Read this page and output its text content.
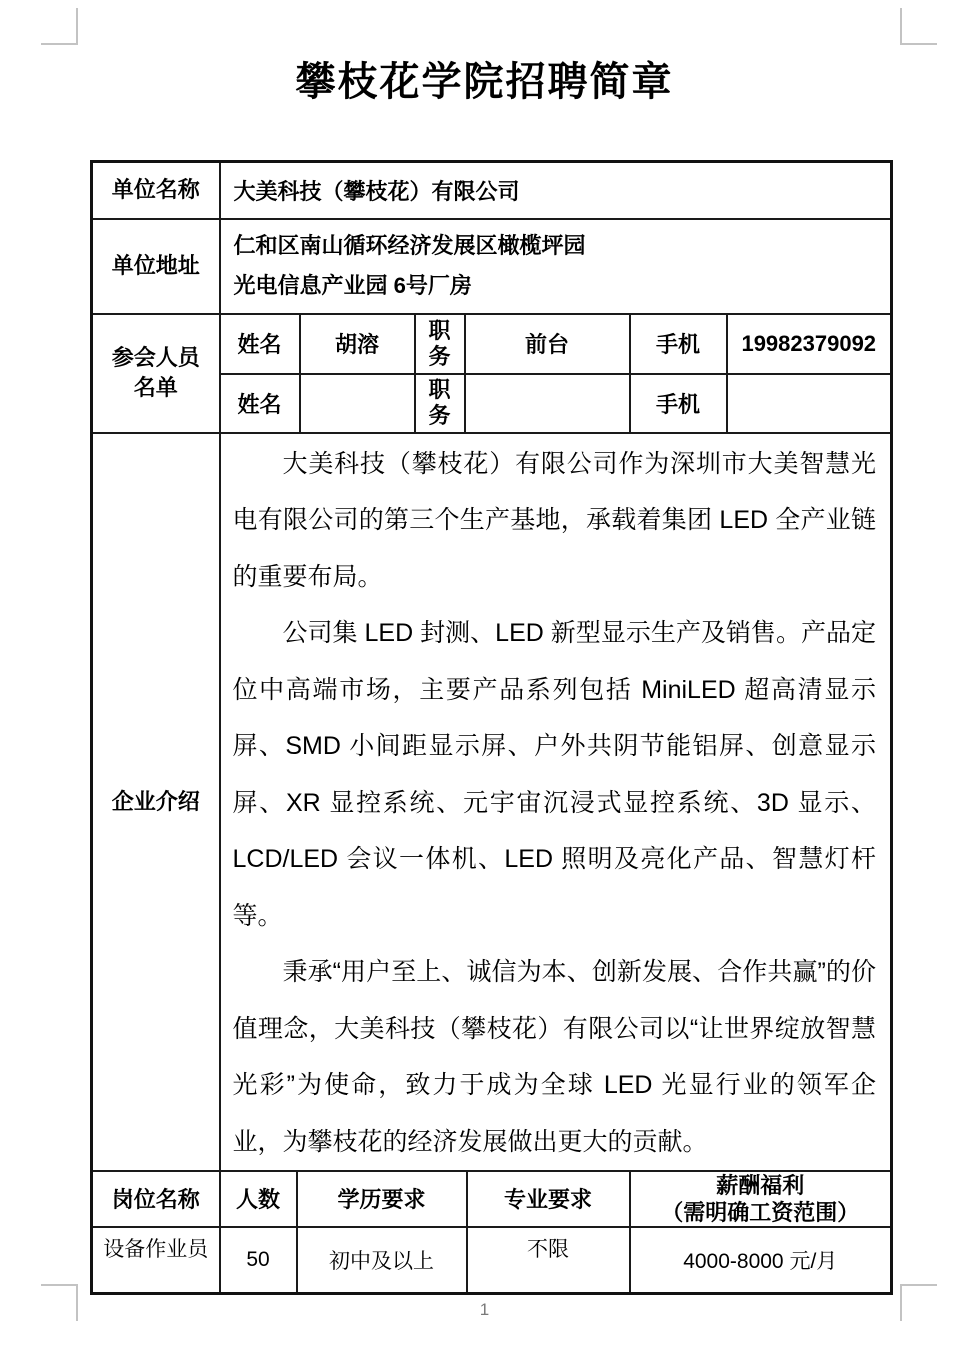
攀枝花学院招聘简章
单位名称	大美科技（攀枝花）有限公司					
单位地址	仁和区南山循环经济发展区橄榄坪园
光电信息产业园 6号厂房					

参会人员
名单	姓名	胡溶	职务	前台	手机	19982379092
	姓名		职务		手机	
企业介绍	大美科技（攀枝花）有限公司作为深圳市大美智慧光电有限公司的第三个生产基地，承载着集团 LED 全产业链的重要布局。

公司集 LED 封测、LED 新型显示生产及销售。产品定位中高端市场，主要产品系列包括 MiniLED 超高清显示屏、SMD 小间距显示屏、户外共阴节能铝屏、创意显示屏、XR 显控系统、元宇宙沉浸式显控系统、3D 显示、LCD/LED 会议一体机、LED 照明及亮化产品、智慧灯杆等。

秉承“用户至上、诚信为本、创新发展、合作共赢”的价值理念，大美科技（攀枝花）有限公司以“让世界绽放智慧光彩”为使命，致力于成为全球 LED 光显行业的领军企业，为攀枝花的经济发展做出更大的贡献。					

岗位名称	人数	学历要求	专业要求	薪酬福利
（需明确工资范围）

设备作业员	50	初中及以上	不限	4000-8000 元/月
1
